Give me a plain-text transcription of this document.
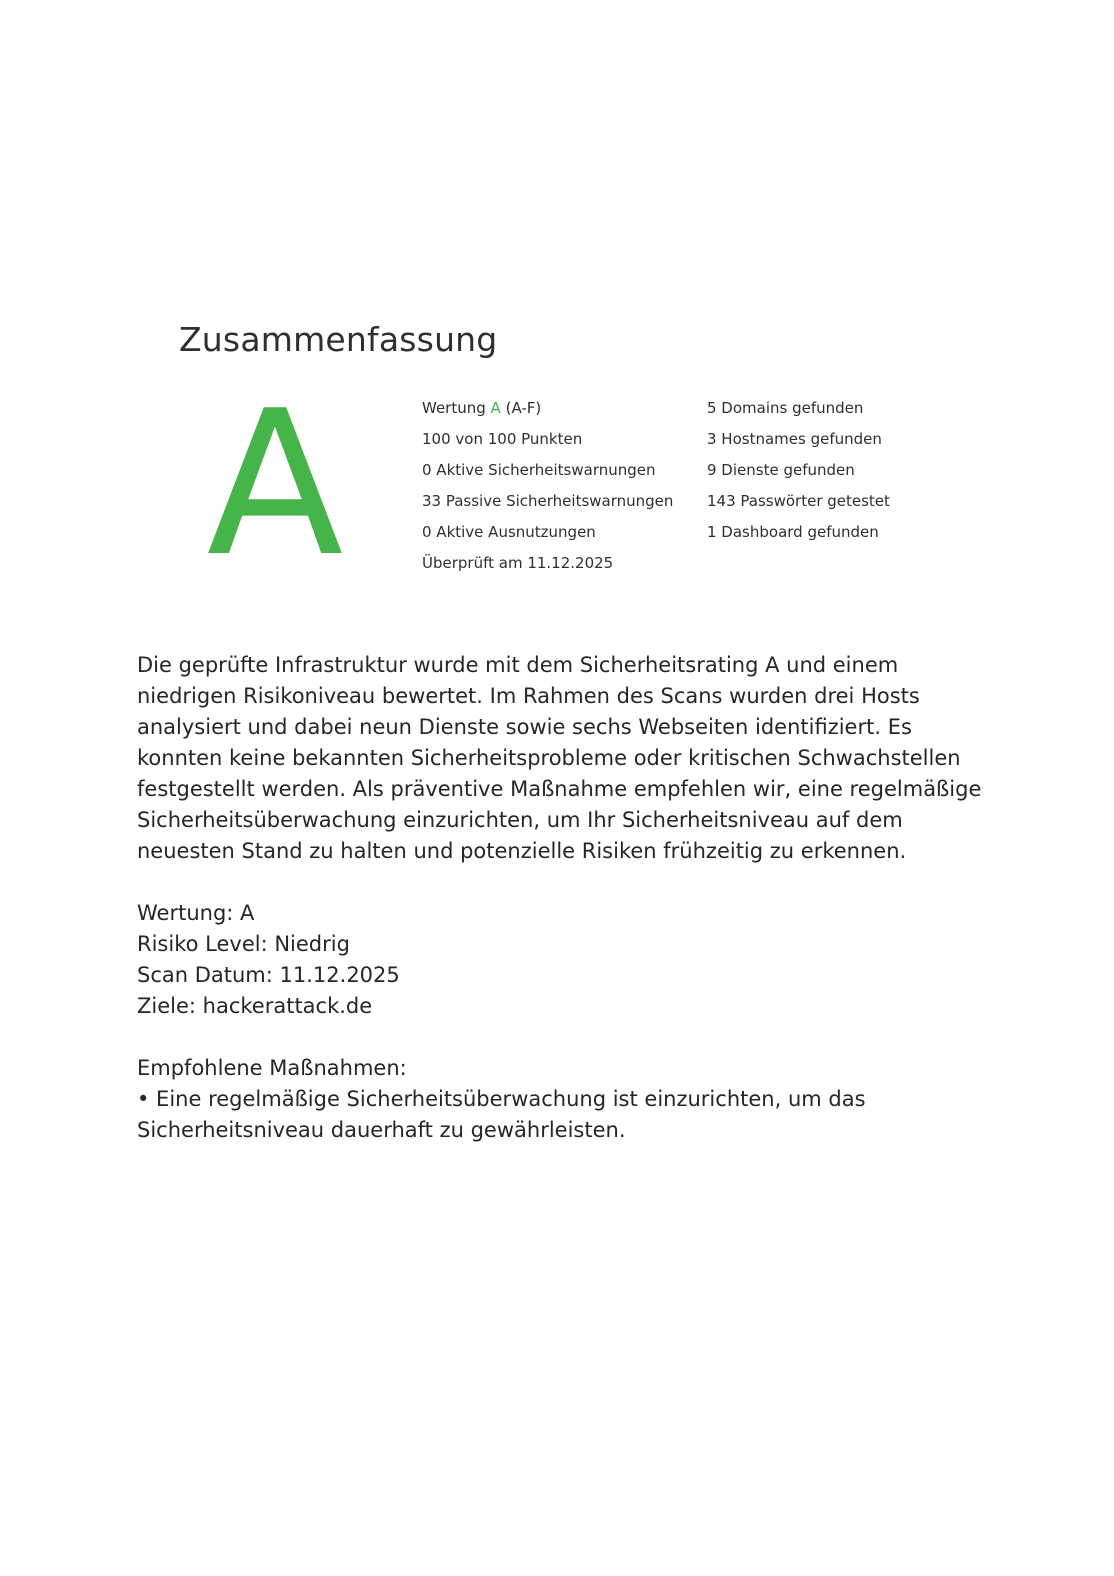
Zusammenfassung
A	Wertung A (A-F)
100 von 100 Punkten
0 Aktive Sicherheitswarnungen
33 Passive Sicherheitswarnungen
0 Aktive Ausnutzungen
Überprüft am 11.12.2025
5 Domains gefunden
3 Hostnames gefunden
9 Dienste gefunden
143 Passwörter getestet
1 Dashboard gefunden

Die geprüfte Infrastruktur wurde mit dem Sicherheitsrating A und einem niedrigen Risikoniveau bewertet. Im Rahmen des Scans wurden drei Hosts analysiert und dabei neun Dienste sowie sechs Webseiten identifiziert. Es konnten keine bekannten Sicherheitsprobleme oder kritischen Schwachstellen festgestellt werden. Als präventive Maßnahme empfehlen wir, eine regelmäßige Sicherheitsüberwachung einzurichten, um Ihr Sicherheitsniveau auf dem neuesten Stand zu halten und potenzielle Risiken frühzeitig zu erkennen.

Wertung: A
Risiko Level: Niedrig
Scan Datum: 11.12.2025
Ziele: hackerattack.de

Empfohlene Maßnahmen:
• Eine regelmäßige Sicherheitsüberwachung ist einzurichten, um das Sicherheitsniveau dauerhaft zu gewährleisten.
